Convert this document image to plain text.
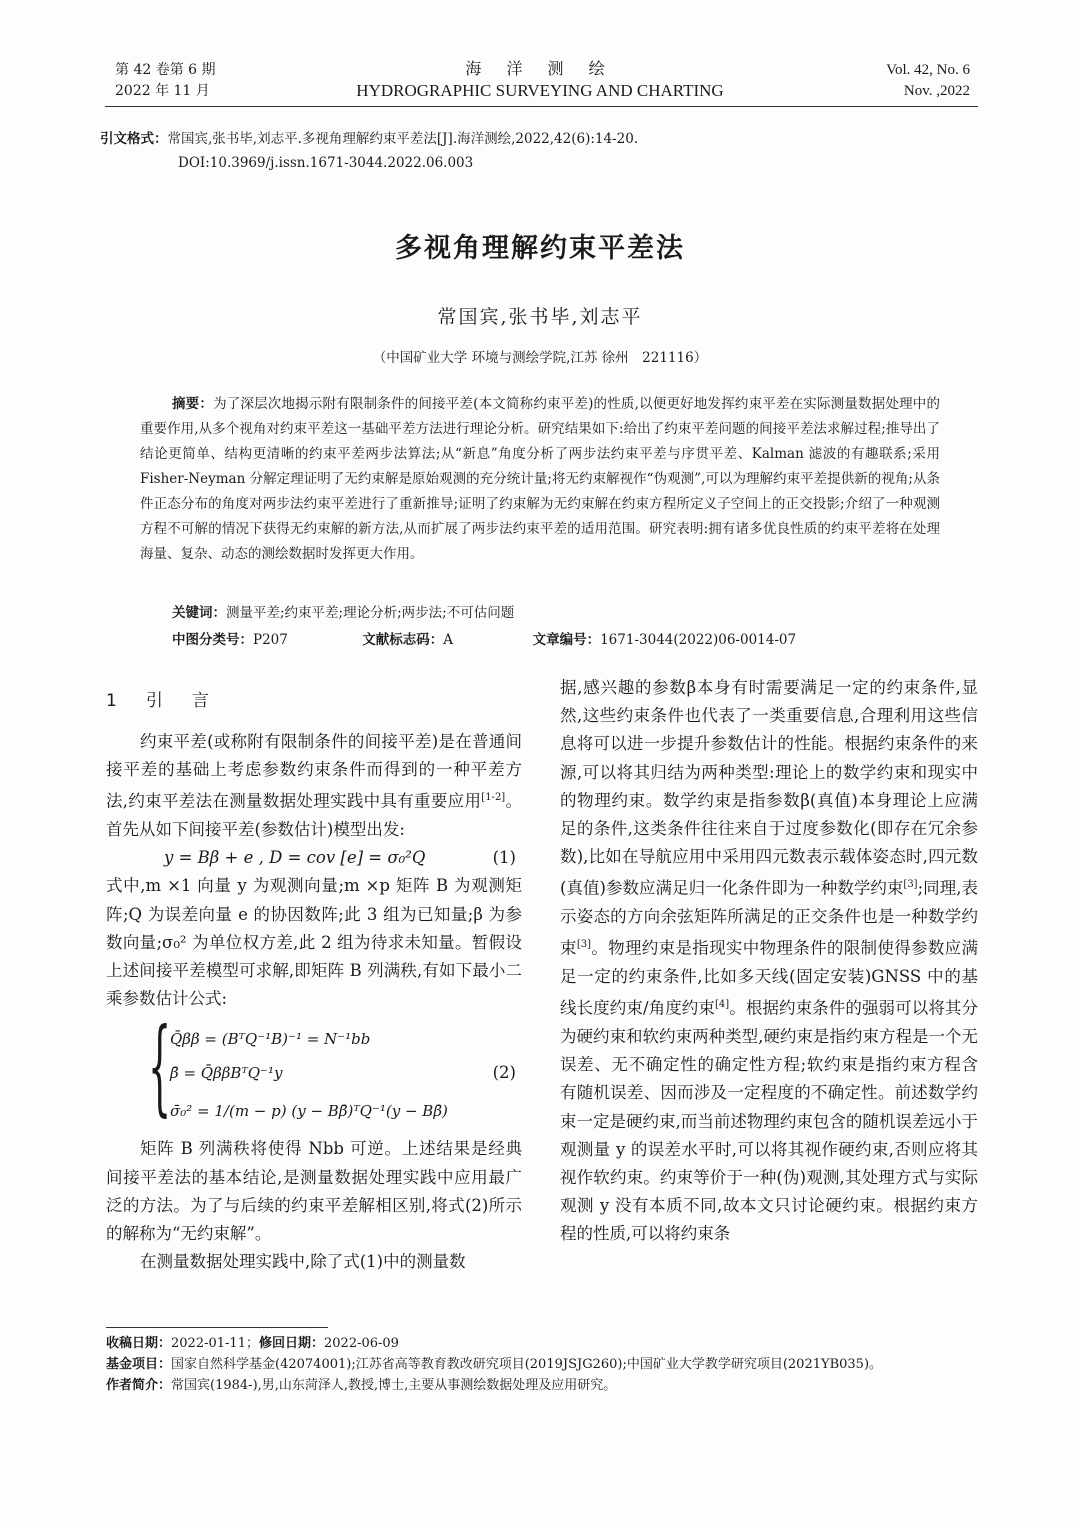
第 42 卷第 6 期
2022 年 11 月
海 洋 测 绘
HYDROGRAPHIC SURVEYING AND CHARTING
Vol. 42, No. 6
Nov. ,2022
引文格式：常国宾,张书毕,刘志平.多视角理解约束平差法[J].海洋测绘,2022,42(6):14-20.
DOI:10.3969/j.issn.1671-3044.2022.06.003
多视角理解约束平差法
常国宾,张书毕,刘志平
（中国矿业大学 环境与测绘学院,江苏 徐州　221116）
摘要：为了深层次地揭示附有限制条件的间接平差(本文简称约束平差)的性质,以便更好地发挥约束平差在实际测量数据处理中的重要作用,从多个视角对约束平差这一基础平差方法进行理论分析。研究结果如下:给出了约束平差问题的间接平差法求解过程;推导出了结论更简单、结构更清晰的约束平差两步法算法;从“新息”角度分析了两步法约束平差与序贯平差、Kalman 滤波的有趣联系;采用 Fisher-Neyman 分解定理证明了无约束解是原始观测的充分统计量;将无约束解视作“伪观测”,可以为理解约束平差提供新的视角;从条件正态分布的角度对两步法约束平差进行了重新推导;证明了约束解为无约束解在约束方程所定义子空间上的正交投影;介绍了一种观测方程不可解的情况下获得无约束解的新方法,从而扩展了两步法约束平差的适用范围。研究表明:拥有诸多优良性质的约束平差将在处理海量、复杂、动态的测绘数据时发挥更大作用。
关键词：测量平差;约束平差;理论分析;两步法;不可估问题
中图分类号：P207	文献标志码：A	文章编号：1671-3044(2022)06-0014-07
1　引　言

约束平差(或称附有限制条件的间接平差)是在普通间接平差的基础上考虑参数约束条件而得到的一种平差方法,约束平差法在测量数据处理实践中具有重要应用[1-2]。首先从如下间接平差(参数估计)模型出发:

y = Bβ + e , D = cov [e] = σ₀²Q	(1)

式中,m ×1 向量 y 为观测向量;m ×p 矩阵 B 为观测矩阵;Q 为误差向量 e 的协因数阵;此 3 组为已知量;β 为参数向量;σ₀² 为单位权方差,此 2 组为待求未知量。暂假设上述间接平差模型可求解,即矩阵 B 列满秩,有如下最小二乘参数估计公式:

{
Q̄ββ = (BᵀQ⁻¹B)⁻¹ = N⁻¹bb
β̄ = Q̄ββBᵀQ⁻¹y
σ̄₀² = 1/(m − p) (y − Bβ̄)ᵀQ⁻¹(y − Bβ̄)
(2)

矩阵 B 列满秩将使得 Nbb 可逆。上述结果是经典间接平差法的基本结论,是测量数据处理实践中应用最广泛的方法。为了与后续的约束平差解相区别,将式(2)所示的解称为“无约束解”。

在测量数据处理实践中,除了式(1)中的测量数

据,感兴趣的参数β本身有时需要满足一定的约束条件,显然,这些约束条件也代表了一类重要信息,合理利用这些信息将可以进一步提升参数估计的性能。根据约束条件的来源,可以将其归结为两种类型:理论上的数学约束和现实中的物理约束。数学约束是指参数β(真值)本身理论上应满足的条件,这类条件往往来自于过度参数化(即存在冗余参数),比如在导航应用中采用四元数表示载体姿态时,四元数(真值)参数应满足归一化条件即为一种数学约束[3];同理,表示姿态的方向余弦矩阵所满足的正交条件也是一种数学约束[3]。物理约束是指现实中物理条件的限制使得参数应满足一定的约束条件,比如多天线(固定安装)GNSS 中的基线长度约束/角度约束[4]。根据约束条件的强弱可以将其分为硬约束和软约束两种类型,硬约束是指约束方程是一个无误差、无不确定性的确定性方程;软约束是指约束方程含有随机误差、因而涉及一定程度的不确定性。前述数学约束一定是硬约束,而当前述物理约束包含的随机误差远小于观测量 y 的误差水平时,可以将其视作硬约束,否则应将其视作软约束。约束等价于一种(伪)观测,其处理方式与实际观测 y 没有本质不同,故本文只讨论硬约束。根据约束方程的性质,可以将约束条

收稿日期：2022-01-11；修回日期：2022-06-09
基金项目：国家自然科学基金(42074001);江苏省高等教育教改研究项目(2019JSJG260);中国矿业大学教学研究项目(2021YB035)。
作者简介：常国宾(1984-),男,山东菏泽人,教授,博士,主要从事测绘数据处理及应用研究。
